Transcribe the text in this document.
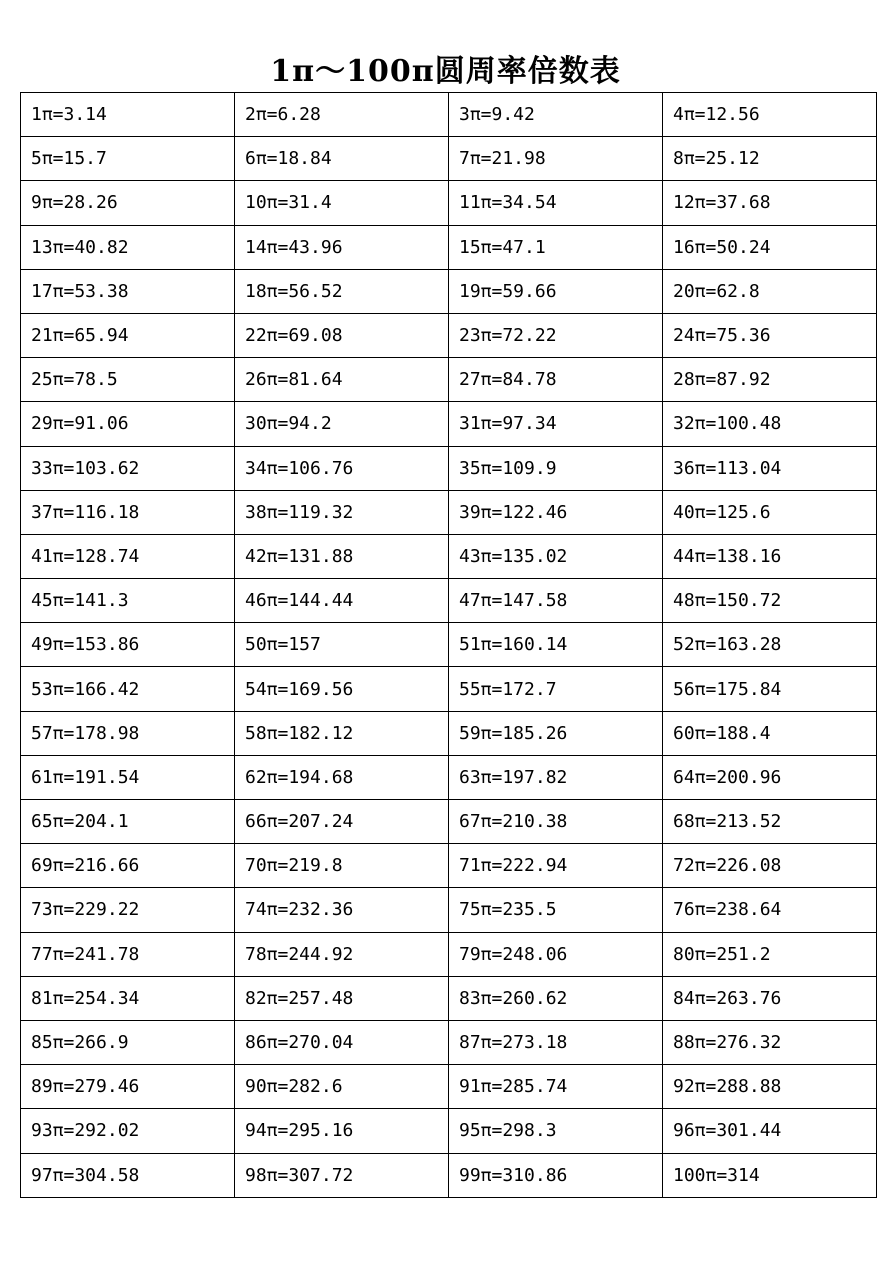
1π～100π圆周率倍数表
1π=3.14	2π=6.28	3π=9.42	4π=12.56
5π=15.7	6π=18.84	7π=21.98	8π=25.12
9π=28.26	10π=31.4	11π=34.54	12π=37.68
13π=40.82	14π=43.96	15π=47.1	16π=50.24
17π=53.38	18π=56.52	19π=59.66	20π=62.8
21π=65.94	22π=69.08	23π=72.22	24π=75.36
25π=78.5	26π=81.64	27π=84.78	28π=87.92
29π=91.06	30π=94.2	31π=97.34	32π=100.48
33π=103.62	34π=106.76	35π=109.9	36π=113.04
37π=116.18	38π=119.32	39π=122.46	40π=125.6
41π=128.74	42π=131.88	43π=135.02	44π=138.16
45π=141.3	46π=144.44	47π=147.58	48π=150.72
49π=153.86	50π=157	51π=160.14	52π=163.28
53π=166.42	54π=169.56	55π=172.7	56π=175.84
57π=178.98	58π=182.12	59π=185.26	60π=188.4
61π=191.54	62π=194.68	63π=197.82	64π=200.96
65π=204.1	66π=207.24	67π=210.38	68π=213.52
69π=216.66	70π=219.8	71π=222.94	72π=226.08
73π=229.22	74π=232.36	75π=235.5	76π=238.64
77π=241.78	78π=244.92	79π=248.06	80π=251.2
81π=254.34	82π=257.48	83π=260.62	84π=263.76
85π=266.9	86π=270.04	87π=273.18	88π=276.32
89π=279.46	90π=282.6	91π=285.74	92π=288.88
93π=292.02	94π=295.16	95π=298.3	96π=301.44
97π=304.58	98π=307.72	99π=310.86	100π=314
